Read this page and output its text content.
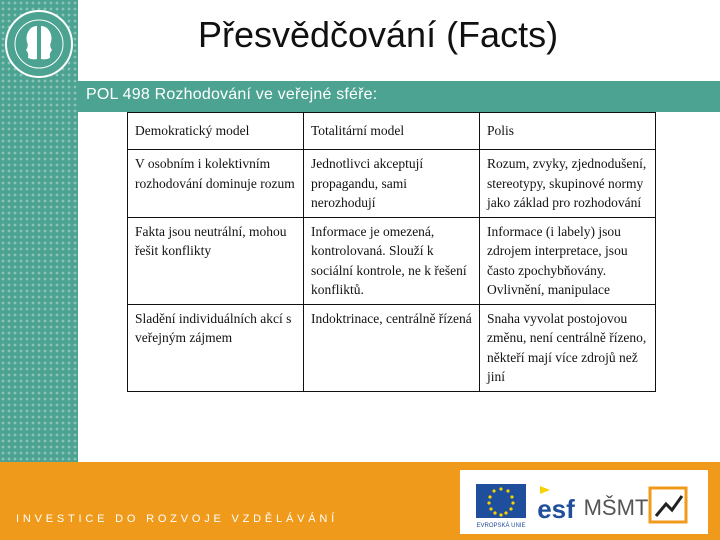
Přesvědčování (Facts)
POL 498 Rozhodování ve veřejné sféře:
INVESTICE DO ROZVOJE VZDĚLÁVÁNÍ
EVROPSKÁ UNIE
esf MŠMT
Demokratický model	Totalitární model	Polis
V osobním i kolektivním rozhodování dominuje rozum	Jednotlivci akceptují propagandu, sami nerozhodují	Rozum, zvyky, zjednodušení, stereotypy, skupinové normy jako základ pro rozhodování
Fakta jsou neutrální, mohou řešit konflikty	Informace je omezená, kontrolovaná. Slouží k sociální kontrole, ne k řešení konfliktů.	Informace (i labely) jsou zdrojem interpretace, jsou často zpochybňovány. Ovlivnění, manipulace
Sladění individuálních akcí s veřejným zájmem	Indoktrinace, centrálně řízená	Snaha vyvolat postojovou změnu, není centrálně řízeno, někteří mají více zdrojů než jiní
